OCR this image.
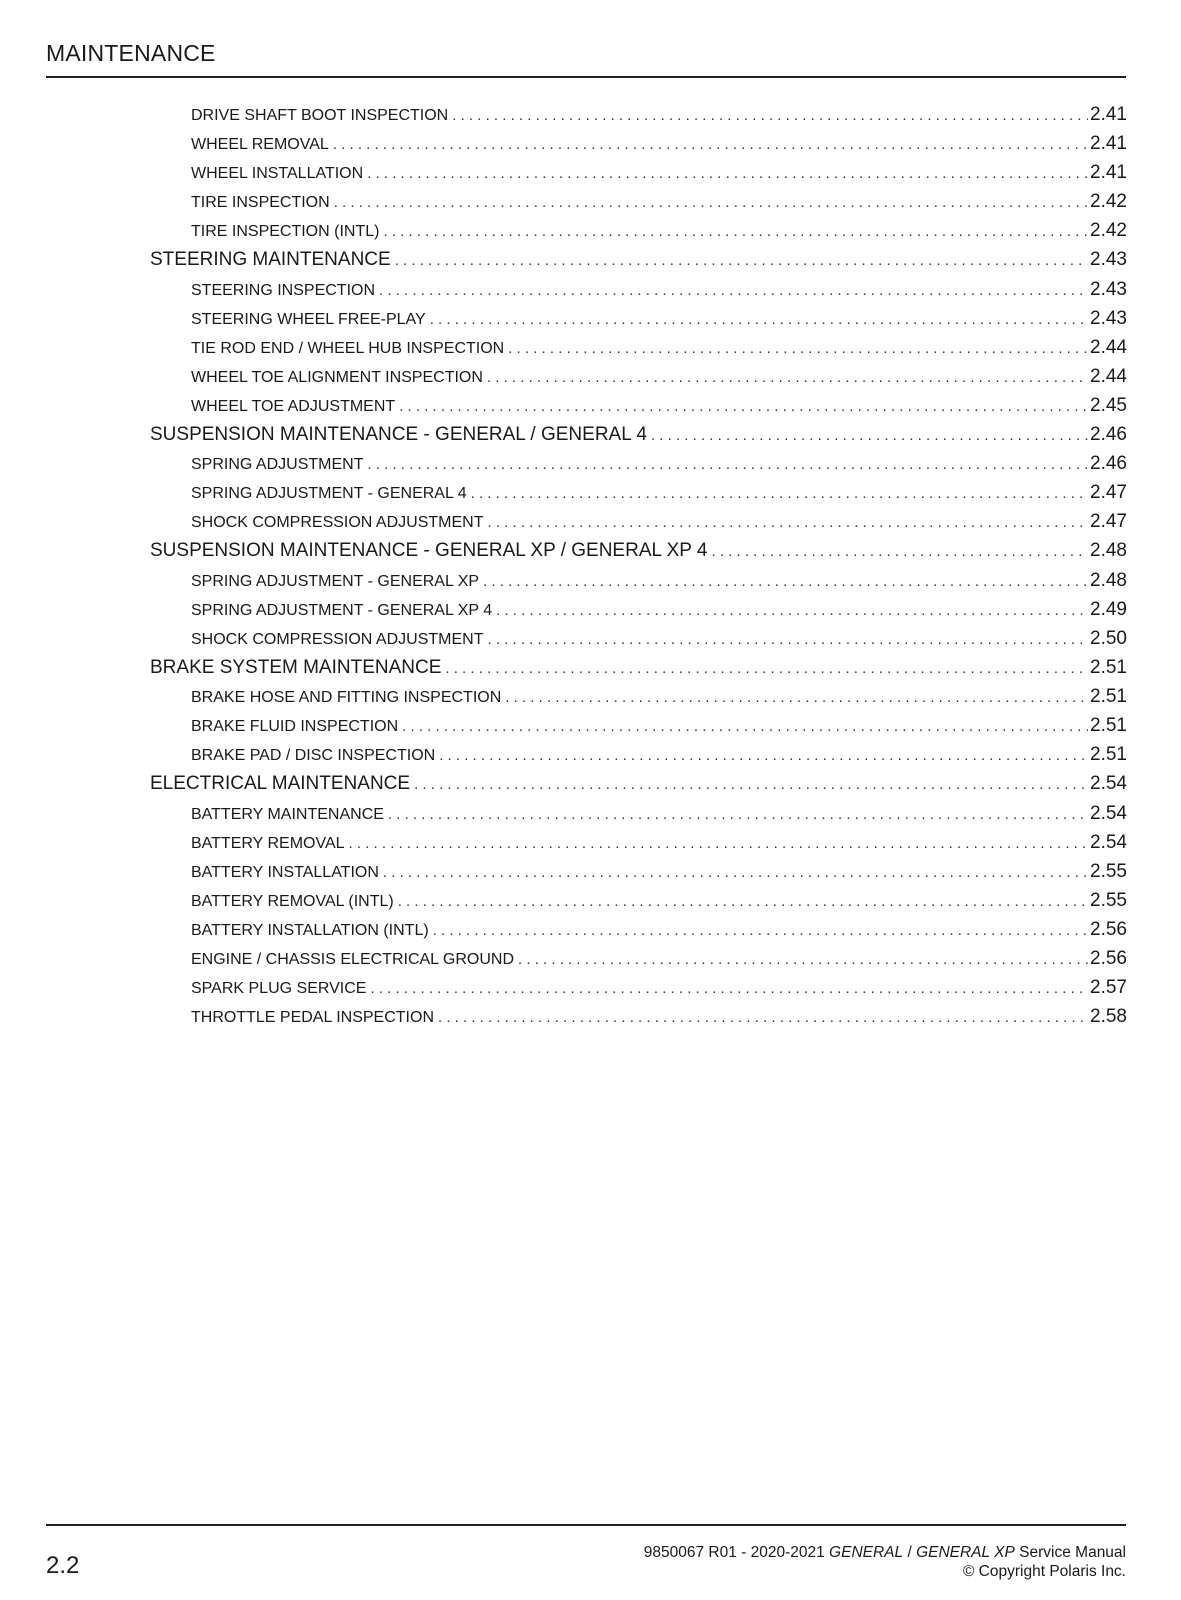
MAINTENANCE
DRIVE SHAFT BOOT INSPECTION . . .	2.41
WHEEL REMOVAL . . .	2.41
WHEEL INSTALLATION . . .	2.41
TIRE INSPECTION . . .	2.42
TIRE INSPECTION (INTL) . . .	2.42
STEERING MAINTENANCE . . .	2.43
STEERING INSPECTION . . .	2.43
STEERING WHEEL FREE-PLAY . . .	2.43
TIE ROD END / WHEEL HUB INSPECTION . . .	2.44
WHEEL TOE ALIGNMENT INSPECTION . . .	2.44
WHEEL TOE ADJUSTMENT . . .	2.45
SUSPENSION MAINTENANCE - GENERAL / GENERAL 4 . . .	2.46
SPRING ADJUSTMENT . . .	2.46
SPRING ADJUSTMENT - GENERAL 4 . . .	2.47
SHOCK COMPRESSION ADJUSTMENT . . .	2.47
SUSPENSION MAINTENANCE - GENERAL XP / GENERAL XP 4 . . .	2.48
SPRING ADJUSTMENT - GENERAL XP . . .	2.48
SPRING ADJUSTMENT - GENERAL XP 4 . . .	2.49
SHOCK COMPRESSION ADJUSTMENT . . .	2.50
BRAKE SYSTEM MAINTENANCE . . .	2.51
BRAKE HOSE AND FITTING INSPECTION . . .	2.51
BRAKE FLUID INSPECTION . . .	2.51
BRAKE PAD / DISC INSPECTION . . .	2.51
ELECTRICAL MAINTENANCE . . .	2.54
BATTERY MAINTENANCE . . .	2.54
BATTERY REMOVAL . . .	2.54
BATTERY INSTALLATION . . .	2.55
BATTERY REMOVAL (INTL) . . .	2.55
BATTERY INSTALLATION (INTL) . . .	2.56
ENGINE / CHASSIS ELECTRICAL GROUND . . .	2.56
SPARK PLUG SERVICE . . .	2.57
THROTTLE PEDAL INSPECTION . . .	2.58
2.2	9850067 R01 - 2020-2021 GENERAL / GENERAL XP Service Manual
© Copyright Polaris Inc.
